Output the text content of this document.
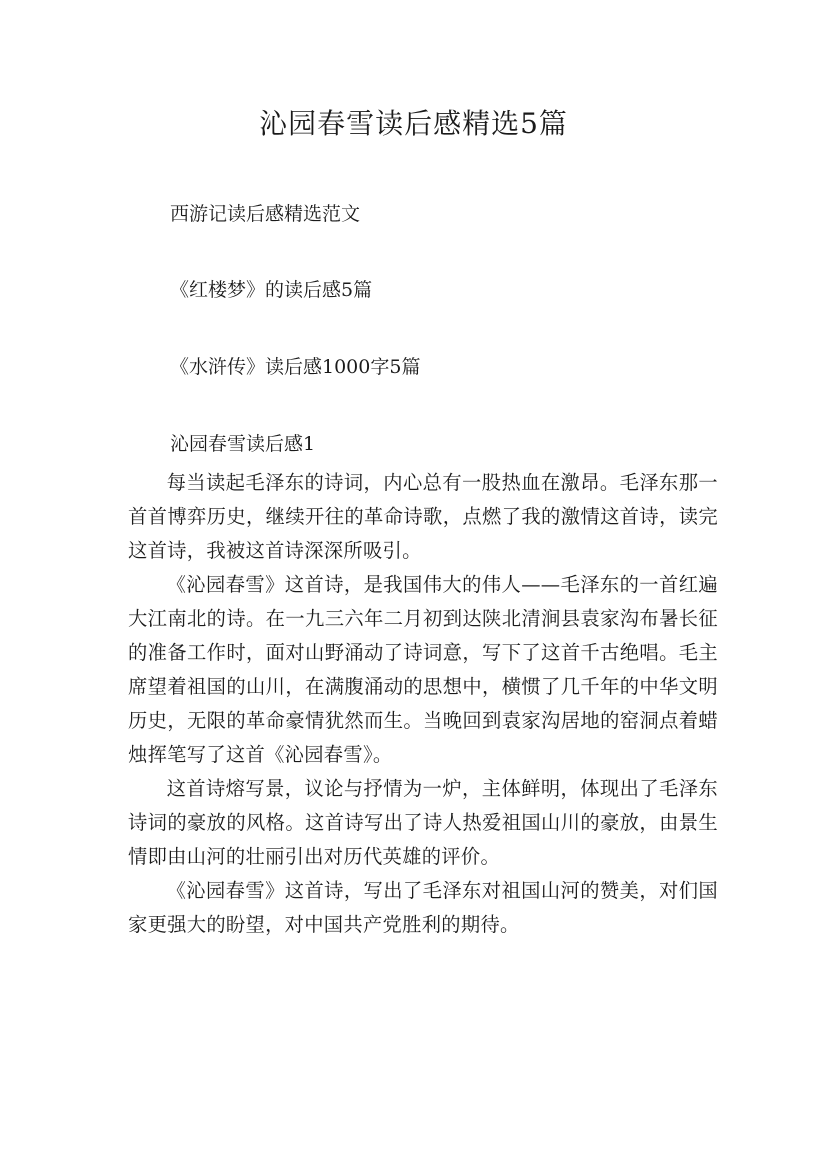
沁园春雪读后感精选5篇
西游记读后感精选范文
《红楼梦》的读后感5篇
《水浒传》读后感1000字5篇
沁园春雪读后感1

每当读起毛泽东的诗词，内心总有一股热血在激昂。毛泽东那一首首博弈历史，继续开往的革命诗歌，点燃了我的激情这首诗，读完这首诗，我被这首诗深深所吸引。

《沁园春雪》这首诗，是我国伟大的伟人——毛泽东的一首红遍大江南北的诗。在一九三六年二月初到达陕北清涧县袁家沟布暑长征的准备工作时，面对山野涌动了诗词意，写下了这首千古绝唱。毛主席望着祖国的山川，在满腹涌动的思想中，横惯了几千年的中华文明历史，无限的革命豪情犹然而生。当晚回到袁家沟居地的窑洞点着蜡烛挥笔写了这首《沁园春雪》。

这首诗熔写景，议论与抒情为一炉，主体鲜明，体现出了毛泽东诗词的豪放的风格。这首诗写出了诗人热爱祖国山川的豪放，由景生情即由山河的壮丽引出对历代英雄的评价。

《沁园春雪》这首诗，写出了毛泽东对祖国山河的赞美，对们国家更强大的盼望，对中国共产党胜利的期待。
